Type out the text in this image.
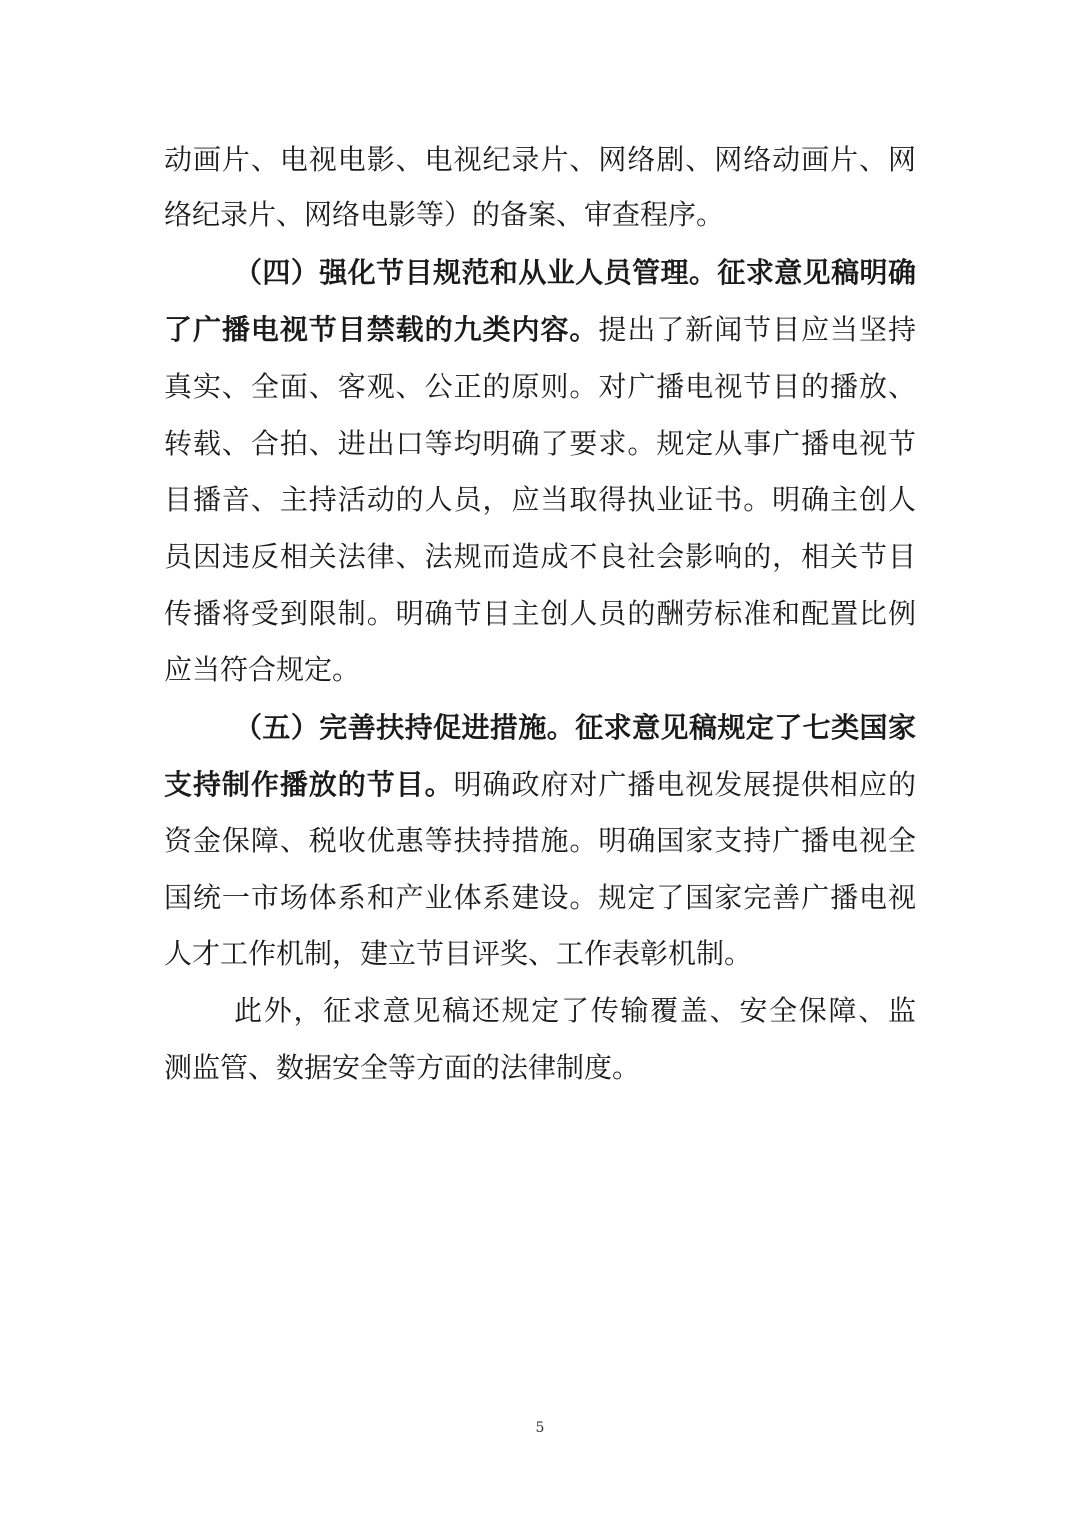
动画片、电视电影、电视纪录片、网络剧、网络动画片、网
络纪录片、网络电影等）的备案、审查程序。
（四）强化节目规范和从业人员管理。征求意见稿明确
了广播电视节目禁载的九类内容。提出了新闻节目应当坚持
真实、全面、客观、公正的原则。对广播电视节目的播放、
转载、合拍、进出口等均明确了要求。规定从事广播电视节
目播音、主持活动的人员，应当取得执业证书。明确主创人
员因违反相关法律、法规而造成不良社会影响的，相关节目
传播将受到限制。明确节目主创人员的酬劳标准和配置比例
应当符合规定。
（五）完善扶持促进措施。征求意见稿规定了七类国家
支持制作播放的节目。明确政府对广播电视发展提供相应的
资金保障、税收优惠等扶持措施。明确国家支持广播电视全
国统一市场体系和产业体系建设。规定了国家完善广播电视
人才工作机制，建立节目评奖、工作表彰机制。
此外，征求意见稿还规定了传输覆盖、安全保障、监
测监管、数据安全等方面的法律制度。
5
